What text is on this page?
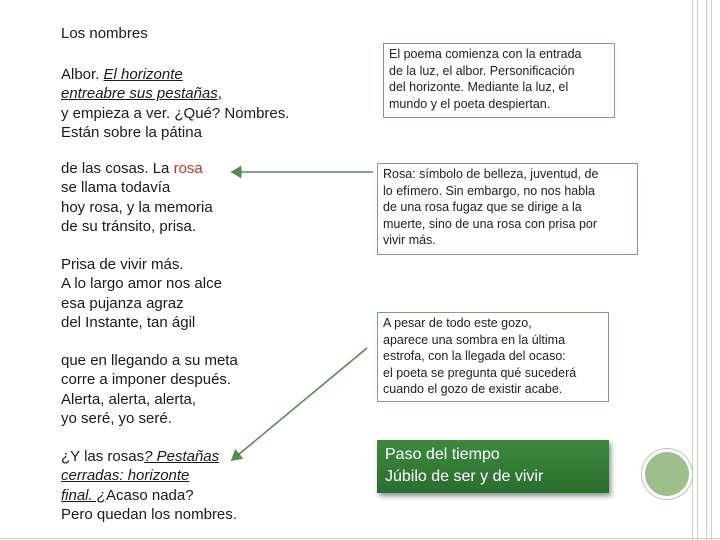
Los nombres
Albor. El horizonte
entreabre sus pestañas,
y empieza a ver. ¿Qué? Nombres.
Están sobre la pátina
de las cosas. La rosa
se llama todavía
hoy rosa, y la memoria
de su tránsito, prisa.
Prisa de vivir más.
A lo largo amor nos alce
esa pujanza agraz
del Instante, tan ágil
que en llegando a su meta
corre a imponer después.
Alerta, alerta, alerta,
yo seré, yo seré.
¿Y las rosas? Pestañas
cerradas: horizonte
final. ¿Acaso nada?
Pero quedan los nombres.
El poema comienza con la entrada
de la luz, el albor. Personificación
del horizonte. Mediante la luz, el
mundo y el poeta despiertan.
Rosa: símbolo de belleza, juventud, de
lo efímero. Sin embargo, no nos habla
de una rosa fugaz que se dirige a la
muerte, sino de una rosa con prisa por
vivir más.
A pesar de todo este gozo,
aparece una sombra en la última
estrofa, con la llegada del ocaso:
el poeta se pregunta qué sucederá
cuando el gozo de existir acabe.
Paso del tiempo
Júbilo de ser y de vivir
